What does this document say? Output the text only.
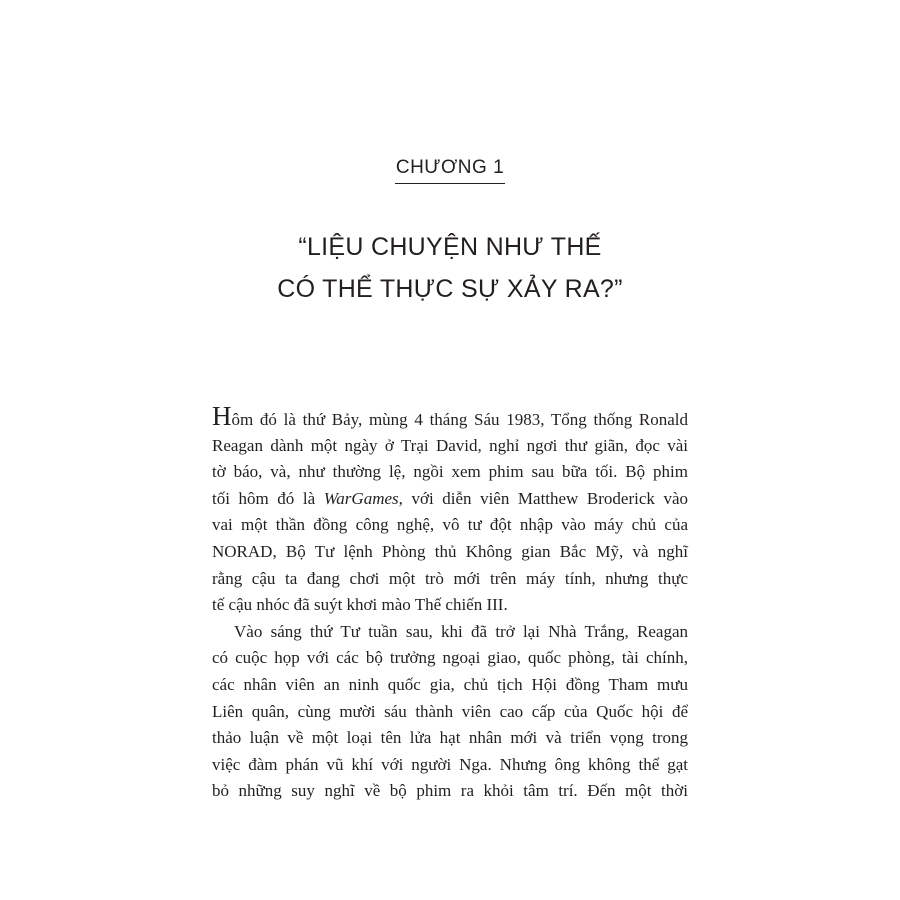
CHƯƠNG 1
“LIỆU CHUYỆN NHƯ THẾ
CÓ THỂ THỰC SỰ XẢY RA?”
Hôm đó là thứ Bảy, mùng 4 tháng Sáu 1983, Tổng thống Ronald
Reagan dành một ngày ở Trại David, nghỉ ngơi thư giãn, đọc vài
tờ báo, và, như thường lệ, ngồi xem phim sau bữa tối. Bộ phim
tối hôm đó là WarGames, với diễn viên Matthew Broderick vào
vai một thần đồng công nghệ, vô tư đột nhập vào máy chủ của
NORAD, Bộ Tư lệnh Phòng thủ Không gian Bắc Mỹ, và nghĩ
rằng cậu ta đang chơi một trò mới trên máy tính, nhưng thực
tế cậu nhóc đã suýt khơi mào Thế chiến III.
Vào sáng thứ Tư tuần sau, khi đã trở lại Nhà Trắng, Reagan
có cuộc họp với các bộ trưởng ngoại giao, quốc phòng, tài chính,
các nhân viên an ninh quốc gia, chủ tịch Hội đồng Tham mưu
Liên quân, cùng mười sáu thành viên cao cấp của Quốc hội để
thảo luận về một loại tên lửa hạt nhân mới và triển vọng trong
việc đàm phán vũ khí với người Nga. Nhưng ông không thể gạt
bỏ những suy nghĩ về bộ phim ra khỏi tâm trí. Đến một thời
